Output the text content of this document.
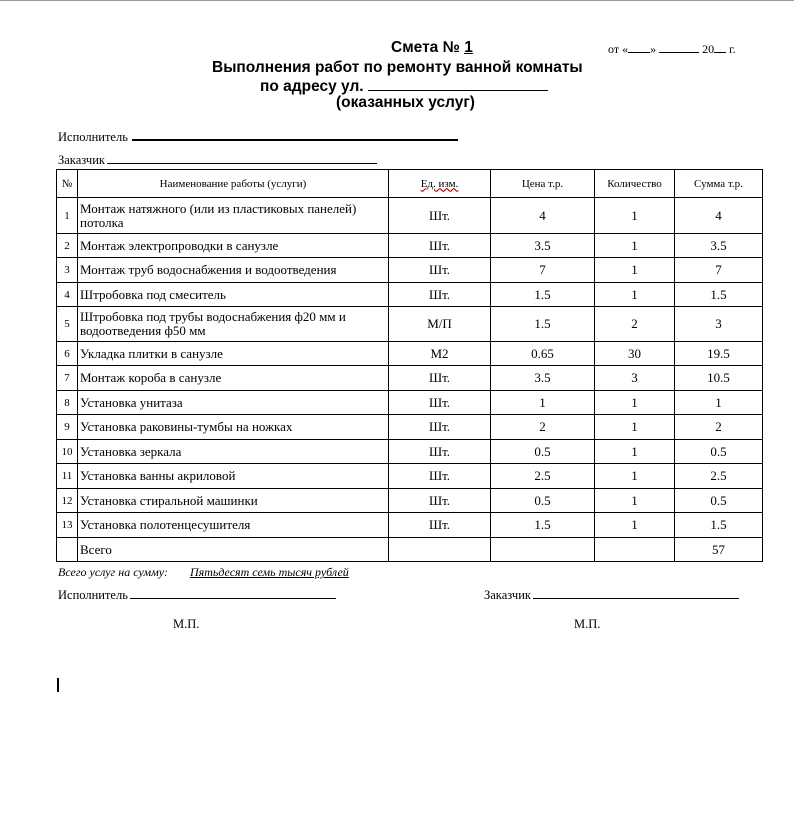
Смета № 1
Выполнения работ по ремонту ванной комнаты
по адресу ул.
(оказанных услуг)
от « »	20 г.
Исполнитель
Заказчик
№	Наименование работы (услуги)	Ед. изм.	Цена т.р.	Количество	Сумма т.р.
1	Монтаж натяжного (или из пластиковых панелей) потолка	Шт.	4	1	4
2	Монтаж электропроводки в санузле	Шт.	3.5	1	3.5
3	Монтаж труб водоснабжения и водоотведения	Шт.	7	1	7
4	Штробовка под смеситель	Шт.	1.5	1	1.5
5	Штробовка под трубы водоснабжения ф20 мм и водоотведения ф50 мм	М/П	1.5	2	3
6	Укладка плитки в санузле	М2	0.65	30	19.5
7	Монтаж короба в санузле	Шт.	3.5	3	10.5
8	Установка унитаза	Шт.	1	1	1
9	Установка раковины-тумбы на ножках	Шт.	2	1	2
10	Установка зеркала	Шт.	0.5	1	0.5
11	Установка ванны акриловой	Шт.	2.5	1	2.5
12	Установка стиральной машинки	Шт.	0.5	1	0.5
13	Установка полотенцесушителя	Шт.	1.5	1	1.5
	Всего				57
Всего услуг на сумму: Пятьдесят семь тысяч рублей
Исполнитель	Заказчик
М.П.	М.П.
